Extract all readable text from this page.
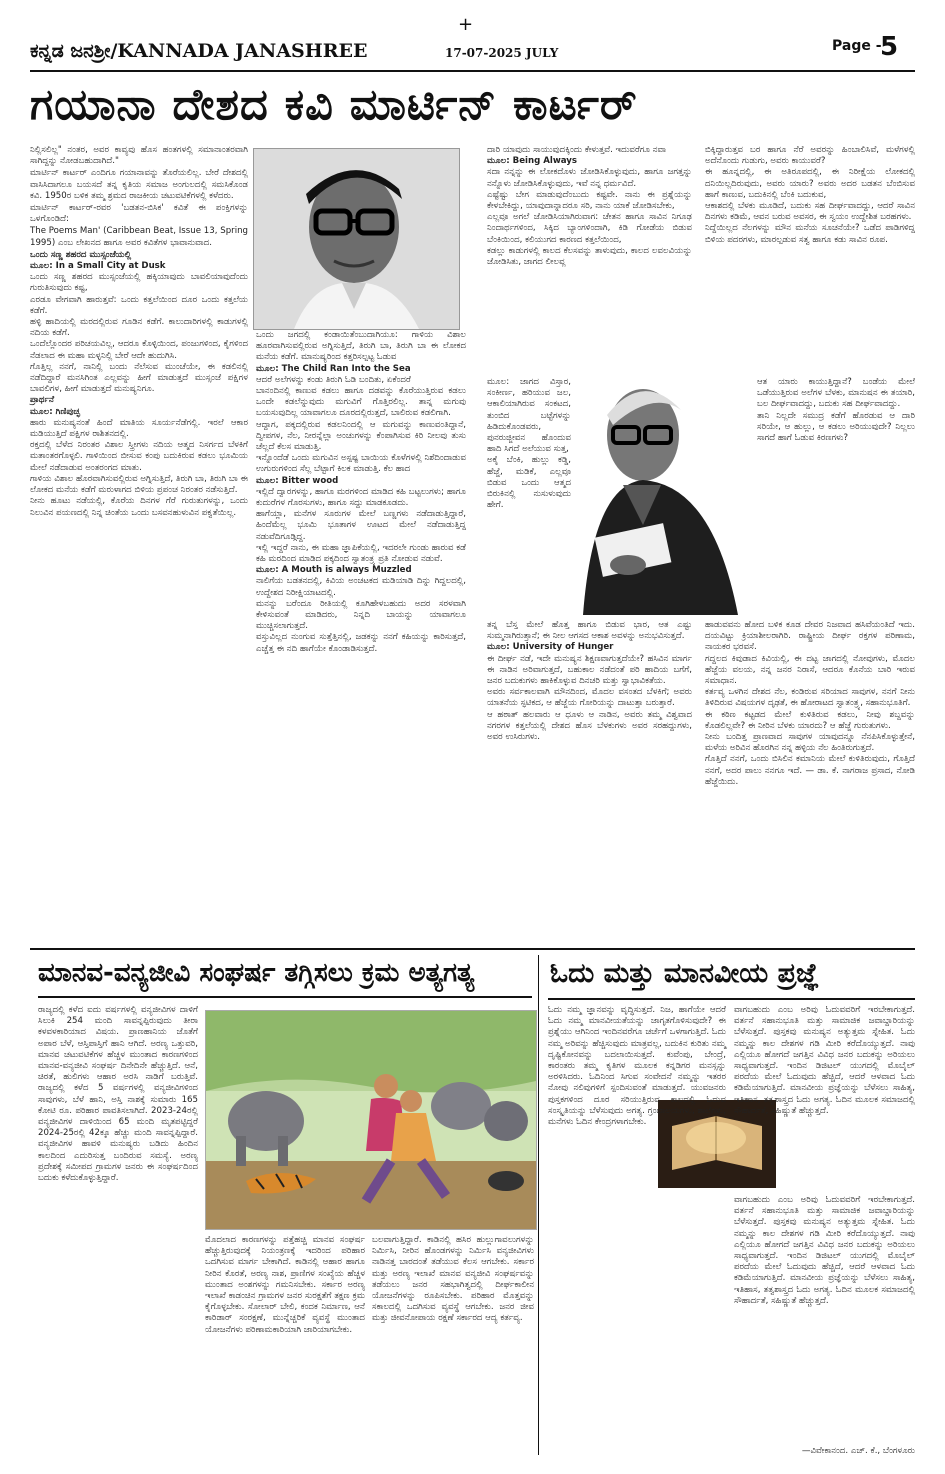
+
ಕನ್ನಡ ಜನಶ್ರೀ/KANNADA JANASHREE	17-07-2025 JULY	Page -
5
ಗಯಾನಾ ದೇಶದ ಕವಿ ಮಾರ್ಟಿನ್ ಕಾರ್ಟರ್

ನಿಲ್ಲಿಸಲಿಲ್ಲ" ನಂತರ, ಅವರ ಕಾವ್ಯವು ಹೊಸ ಹಂತಗಳಲ್ಲಿ ಸಮಾನಾಂತರವಾಗಿ ಸಾಗಿದ್ದನ್ನು ನೋಡಬಹುದಾಗಿದೆ."

ಮಾರ್ಟಿನ್ ಕಾರ್ಟರ್ ಎಂದಿಗೂ ಗಯಾನಾವನ್ನು ತೊರೆಯಲಿಲ್ಲ. ಬೇರೆ ದೇಶದಲ್ಲಿ ವಾಸಿಸಿದಾಗಲೂ ಬಯಸದೆ ತನ್ನ ಕೃತಿಯ ಸಮಾಜ ಅಂಗುಲದಲ್ಲಿ ಸಮಸಿಕೊಂಡ ಕವಿ. 1950ರ ಬಳಿಕ ತಮ್ಮ ಶ್ರಮದ ರಾಜಕೀಯ ಚಟುವಟಿಕೆಗಳಲ್ಲಿ ಕಳೆದರು.

ಮಾರ್ಟಿನ್ ಕಾರ್ಟರ್-ರವರ 'ಬಡತನ-ಬಿಸಿಕ' ಕವಿತೆ ಈ ಪಂಕ್ತಿಗಳನ್ನು ಒಳಗೊಂಡಿದೆ:

The Poems Man' (Caribbean Beat, Issue 13, Spring 1995) ಎಂಬ ಲೇಖನದ ಹಾಗೂ ಅವರ ಕವಿತೆಗಳ ಭಾವಾನುವಾದ.

ಒಂದು ಸಣ್ಣ ಶಹರದ ಮುಸ್ಸಂಜೆಯಲ್ಲಿ

ಮೂಲ: In a Small City at Dusk

ಒಂದು ಸಣ್ಣ ಶಹರದ ಮುಸ್ಸಂಜೆಯಲ್ಲಿ ಹಕ್ಕಿಯಾವುದು ಬಾವಲಿಯಾವುದೆಂದು ಗುರುತಿಸುವುದು ಕಷ್ಟ,

ಎರಡೂ ವೇಗವಾಗಿ ಹಾರುತ್ತವೆ: ಒಂದು ಕತ್ತಲೆಯಿಂದ ದೂರ ಒಂದು ಕತ್ತಲೆಯ ಕಡೆಗೆ.

ಹಳ್ಳಿ ಹಾದಿಯಲ್ಲಿ ಮರದಲ್ಲಿರುವ ಗೂಡಿನ ಕಡೆಗೆ. ಕಾಲುದಾರಿಗಳಲ್ಲಿ ಕಾಡುಗಳಲ್ಲಿ ನದಿಯ ಕಡೆಗೆ.

ಒಂದೆಲ್ಲೊಂದರ ಪರಿಚಯವಿಲ್ಲ, ಆದರೂ ಕೊಳ್ಳಿಯಿಂದ, ಪಂಜುಗಳಿಂದ, ಕೈಗಳಿಂದ ನೆಡಲಾದ ಈ ಮಹಾ ಮಳ್ಳನಿಲ್ಲಿ ಬೇರೆ ಆದೇ ಹುದುಗಿಸಿ.

ಗೊತ್ತಿಲ್ಲ ನನಗೆ, ನಾನಿಲ್ಲಿ ಬಂದು ನೆಲೆಸುವ ಮುಂಚೆಯೇ, ಈ ಕಡಲಿನಲ್ಲಿ ನಡೆದಿದ್ದಾರೆ ಮನಸಿಗಿಂತ ಎಲ್ಲವನ್ನು ಹೀಗೆ ಮಾಡುತ್ತದೆ ಮುಸ್ಸಂಜೆ ಪಕ್ಷಿಗಳ ಬಾವಲಿಗಳ, ಹೀಗೆ ಮಾಡುತ್ತದೆ ಮನುಷ್ಯನಿಗೂ.

ಪ್ರಾರ್ಥನೆ

ಮೂಲ: ಗಿಣಿಪುಚ್ಛ

ಹಾರು ಮನುಷ್ಯನಂತೆ ಹಿಂದೆ ಮಾತಿಯ ಸೂರ್ಯನೆಡೆಗಲ್ಲಿ. ಇರಲೆ ಆಕಾರ ಮಡಿಯುತ್ತಿದೆ ಪಕ್ಷಿಗಳ ರಾಶಿತನದಲ್ಲಿ.

ರಕ್ತದಲ್ಲಿ ಬೆಳೆದ ನಿರಂತರ ವಿಶಾಲ ಸ್ತ್ರೀಗಳು ನದಿಯ ಆತ್ಮದ ನಿಸರ್ಗದ ಬೆಳಕಿಗೆ ಮತಾಂತರಗೊಳ್ಳಲಿ. ಗಾಳಿಯಿಂದ ಬೀಸುವ ಕಂಪು ಬದುಕಿರುವ ಕಡಲು ಭೂಮಿಯ ಮೇಲೆ ನಡೆದಾಡುವ ಅಂತರಂಗದ ಮಾತು.

ಗಾಳಿಯ ವಿಶಾಲ ಹೊರವಾಗಿಸುವಲ್ಲಿರುವ ಅಗ್ನಿಸುತ್ತಿದೆ, ತಿರುಗಿ ಬಾ, ತಿರುಗಿ ಬಾ ಈ ಲೋಕದ ಮನೆಯ ಕಡೆಗೆ ಮರುಳಾಗದ ಬಿಳಿಯ ಪ್ರಪಂಚ ನಿರಂತರ ನಡೆಸುತ್ತಿದೆ.

ನೀನು ಹೂಟು ನಡೆಯಲ್ಲಿ, ಕೊರೆಯ ದಿನಗಳ ಗೆರೆ ಗುರುತುಗಳನ್ನು, ಒಂದು ನಿಲುವಿನ ಪಯಣದಲ್ಲಿ ನಿನ್ನ ಚಿಂತೆಯ ಒಂದು ಬಸವನಹುಳುವಿನ ಪಕ್ವತೆಯಿಲ್ಲ.

ಒಂದು ಜಗದಲ್ಲಿ ಕಂಡಾಯಿತೆಂಬುದಾಗಿಯೂ: ಗಾಳಿಯ ವಿಶಾಲ ಹೂರವಾಗಿಸುವಲ್ಲಿರುವ ಅಗ್ನಿಸುತ್ತಿದೆ, ತಿರುಗಿ ಬಾ, ತಿರುಗಿ ಬಾ ಈ ಲೋಕದ ಮನೆಯ ಕಡೆಗೆ. ಮಾನುಷ್ಯರಿಂದ ಕತ್ತರಿಸಲ್ಪಟ್ಟ ಓಡುವ

ಮೂಲ: The Child Ran Into the Sea

ಆದರೆ ಅಲೆಗಳನ್ನು ಕಂಡು ತಿರುಗಿ ಓಡಿ ಬಂದಿತು, ಏಕೆಂದರೆ

ಬಾನಂದಿನಲ್ಲಿ ಕಾಣುವ ಕಡಲು ಹಾಗೂ ದಡವನ್ನು ಕೊರೆಯುತ್ತಿರುವ ಕಡಲು ಒಂದೇ ಕಡಲೆನ್ನುವುದು ಮಗುವಿಗೆ ಗೊತ್ತಿರಲಿಲ್ಲ. ತಾನ್ನ ಮಗುವು ಬಯಸುವುದಿಲ್ಲ ಯಾವಾಗಲೂ ದೂರದಲ್ಲಿರುತ್ತದೆ, ಬಾಲಿರುವ ಕಡಲಿಗಾಗಿ.

ಆದ್ದಾಗ, ಪಕ್ಕದಲ್ಲಿರುವ ಕಡಲನಿಂದಲ್ಲಿ ಆ ಮಗುವನ್ನು ಕಾಣುವಂತಿದ್ದಾನೆ, ದ್ವೀಪಗಳ, ನೆಲ, ನೀರನ್ನೆಲ್ಲಾ ಅಂಚುಗಳನ್ನು ಕೆಂಪಾಗಿಸುವ ಕಿರಿ ನೀಲವು ತುಸು ಚೆಲ್ಲದೆ ಕೆಲಸ ಮಾಡುತ್ತಿ.

ಇನ್ನೊಂದೆಡೆ ಒಂದು ಮಗುವಿನ ಅಸ್ಪಷ್ಟ ಬಾಯಿಯ ಕೊಳೆಗಳಲ್ಲಿ ನಿಶೆದಿಂದಾಡುವ ಉಗುರುಗಳಿಂದ ಸೆಲ್ಲ ಬೆಟ್ಟಾಗೆ ಕಿಲಕ ಮಾಡುತ್ತಿ. ಕೆಲ ಹಾದ

ಮೂಲ: Bitter wood

ಇಲ್ಲಿದೆ ದ್ವಾರಗಳನ್ನು, ಹಾಗೂ ಮರಗಳಿಂದ ಮಾಡಿದ ಕಹಿ ಬಟ್ಟಲುಗಳು; ಹಾಗೂ ಕುದುರೆಗಳ ಗೊರಸುಗಳು, ಹಾಗೂ ಸದ್ದು ಮಾಡಕೂಡದು.

ಹಾಗೆಯ್ಲಾ, ಮನೆಗಳ ಸೂರುಗಳ ಮೇಲೆ ಬಣ್ಣಗಳು ನಡೆದಾಡುತ್ತಿದ್ದಾರೆ, ಹಿಂದೆಮೆಲ್ಲ ಭೂಮಿ ಭೂತಾಗಳ ಊಟದ ಮೇಲೆ ನಡೆದಾಡುತ್ತಿದ್ದ ನಡುವೆದಿಗೂಡ್ಗಿದ್ದ.

ಇಲ್ಲಿ ಇದ್ದರೆ ನಾನು, ಈ ಮಹಾ ಜ್ಞಾಪಿಕೆಯಲ್ಲಿ, ಇದರಲೇ ಗುಂಡು ಹಾರುವ ಕಡೆ ಕಹಿ ಮರದಿಂದ ಮಾಡಿದ ಪಕ್ಕದಿಂದ ಸ್ವಾತಂತ್ರ್ಯ ಪ್ರತಿ ನೋಡುವ ನಡುವೆ.

ಮೂಲ: A Mouth is always Muzzled

ನಾಲಿಗೆಯ ಬಡತನದಲ್ಲಿ, ಕಿವಿಯ ಅಂಚಟಕದ ಮಡಿಯಾಡಿ ದಿನ್ನು ಗಿದ್ದಲದಲ್ಲಿ, ಉದ್ದೇಶದ ನಿರೀಕ್ಷಿಯಾಟದಲ್ಲಿ.

ಮನನ್ನು ಬರೆಂದೂ ರೀತಿಯಲ್ಲಿ ಕೂಗಿಹೇಳಬಹುದು ಅದರ ಸರಳವಾಗಿ ಕೇಳಿಸುವಂತೆ ಮಾಡಿದರು, ನಿನ್ನದಿ ಬಾಯನ್ನು ಯಾವಾಗಲೂ ಮುಚ್ಚಿಸಲಾಗುತ್ತದೆ.

ವಸ್ತುವಿಲ್ಲದ ನುಂಗುವ ಸುತ್ತೆತ್ತಿನಲ್ಲಿ, ಜಡಕನ್ನು ನನಗೆ ಕಹಿಯನ್ನು ಕಾರಿಸುತ್ತದೆ, ಎಚ್ಚೆತ್ತ ಈ ನದಿ ಹಾಗೆಯೇ ಕೊಂಡಾಡಿಸುತ್ತದೆ.

ದಾರಿ ಯಾವುದು ಸಾಯುವುದಕ್ಕಿಂದು ಕೇಳುತ್ತವೆ. ಇದುವರೆಗೂ ನವಾ

ಮೂಲ: Being Always

ಸದಾ ನನ್ನನ್ನು ಈ ಲೋಕದೊಳು ಜೋಡಿಸಿಕೊಳ್ಳುವುದು, ಹಾಗೂ ಜಗತ್ತನ್ನು ನನ್ನೊಳು ಜೋಡಿಸಿಕೊಳ್ಳುವುದು, ಇವೆ ನನ್ನ ಧರ್ಮವಿದೆ.

ಎಷ್ಟೆಷ್ಟು ಬೇಗ ಮಾಡುವುದೆಂಬುದು ಕಷ್ಟವೇ. ನಾನು ಈ ಪ್ರಶ್ನೆಯನ್ನು ಕೇಳಬೇಕಿದ್ದು, ಯಾವುದಾನ್ನಾದರೂ ಸರಿ, ನಾನು ಯಾಕೆ ಜೋಡಿಸಬೇಕು,

ಎಲ್ಲವೂ ಅಗಲೆ ಜೋಡಿಸಿಯಾಗಿರುವಾಗ: ಚೇತನ ಹಾಗೂ ಸಾವಿನ ನಿಗೂಢ ನಿಂದಾರ್ಥಗಳಿಂದ, ಸಿಕ್ಕಿದ ಬ್ಯಾಂಗಳಿಂದಾಗಿ, ಕಿಡಿ ಗೋಡೆಯ ಬಿಡುವ ಬೆಂಕಿಯಿಂದ, ಕಲಿಯುಗದ ಕಾರಣದ ಕತ್ತಲೆಯಿಂದ,

ಕಡಲ್ಲು ಕಾಡುಗಳಲ್ಲಿ ಕಾಲದ ಕೆಲಸವನ್ನು ತಾಳುವುದು, ಕಾಲದ ಲವಲವಿಯನ್ನು ಜೋಡಿಸಿತು, ಜಾಗದ ಲೀಲವ್ಲ

ಮೂಲ: ಜಾಗದ ವಿಸ್ತಾರ, ಸಂಕೀರ್ಣ, ಹರಿಯುವ ಜಲ, ಆಕಾಲಿಯಾಗಿರುವ ಸಂಕಟದ, ತುಂಬಿದ ಬಟ್ಟೆಗಳನ್ನು ಹಿಡಿದುಕೊಂಡವರು, ಪುನರುಜ್ಜೀವನ ಹೊಂದುವ ಹಾದಿ ಸಿಗದೆ ಅಲೆಯುವ ಸುತ್ತ,

ಅಕೈ ಬೆಂಕಿ, ಹುಲ್ಲು ಕಡ್ಡಿ, ಹೆಜ್ಜೆ, ಮಡಿಕೆ, ಎಲ್ಲವೂ ಬಿಡುವ ಒಂದು ಆತ್ಮದ ಬಿರುಕಿನಲ್ಲಿ ನುಸುಳುವುದು ಹೇಗೆ.

ತನ್ನ ಬೆಸ್ತ ಮೇಲೆ ಹೊತ್ತ ಹಾಗೂ ಬಿಡುವ ಭಾರ, ಆತ ಎಷ್ಟು ಸುಮ್ಮನಾಗಿರುತ್ತಾನೆ; ಈ ನೀಲ ಆಗಸದ ಆಕಾಶ ಅವಳನ್ನು ಅನುಭವಿಸುತ್ತದೆ.

ಮೂಲ: University of Hunger

ಈ ದೀರ್ಘ ನಡೆ, ಇದೇ ಮನುಷ್ಯನ ಶಿಕ್ಷಣವಾಗುತ್ತದೆಯೇ? ಹಸಿವಿನ ಮಾರ್ಗ ಈ ನಾಡಿನ ಅರಿವಾಗುತ್ತದೆ, ಬಹುಕಾಲ ನಡೆದಂತೆ ಪರಿ ಹಾದಿಯ ಬಗೆಗೆ, ಜನರ ಬದುಕುಗಳು ಹಾಕಿಕೊಳ್ಳುವ ದಿನಚರಿ ಮತ್ತು ಸ್ವಾಭಾವಿಕತೆಯ.

ಅವರು ಸರ್ವಕಾಲವಾಗಿ ಮೌನದಿಂದ, ಮೊದಲ ವಸಂತದ ಬೆಳಕಿಗೆ; ಅವರು ಯಾತನೆಯ ಸ್ಫಟಿಕದ, ಆ ಹೆಜ್ಜೆಯ ಗೋರಿಯನ್ನು ದಾಟುತ್ತಾ ಬರುತ್ತಾರೆ.

ಆ ಹಠಾತ್ ಹಲವಾರು ಆ ಧೂಳು ಆ ನಾಡಿನ, ಅವರು ತಮ್ಮ ವಿಶ್ವವಾದ ನಗರಗಳ ಕತ್ತಲೆಯಲ್ಲಿ ದೇಶದ ಹೊಸ ಬೆಳಕುಗಳು ಅವರ ಸರಹದ್ದುಗಳು, ಅವರ ಉಸಿರುಗಳು.

ಬಿಕ್ಕಿದ್ದಾರುತ್ತವ ಬರ ಹಾಗೂ ನೆರೆ ಅವರನ್ನು ಹಿಂಬಾಲಿಸಿವೆ, ಮಳೆಗಳಲ್ಲಿ ಅದೆನೊಂದು ಗುಡುಗು, ಅವರು ಕಾಯುವರೆ?

ಈ ಹೂನ್ನದಲ್ಲಿ, ಈ ಅತಿರೂಪದಲ್ಲಿ, ಈ ನಿರೀಕ್ಷೆಯ ಲೋಕದಲ್ಲಿ ದನಿಯಿಲ್ಲದಿರುವುದು, ಅವರು ಯಾರು? ಅವರು ಅದರ ಬಡತನ ಬೆಂಬಿಸುವ ಹಾಗೆ ಕಾಣುವ, ಬದುಕಿನಲ್ಲಿ ಬೆಂಕಿ ಬದುಕುವ,

ಆಕಾಶದಲ್ಲಿ ಬೆಳಕು ಮೂಡಿದೆ, ಬದುಕು ಸಹ ದೀರ್ಘವಾದದ್ದು, ಆದರೆ ಸಾವಿನ ದಿನಗಳು ಕಡಿಮೆ, ಆವನ ಬರುವ ಅವಸರ, ಈ ಸ್ವಯಂ ಉದ್ದೇಶಿತ ಬರಹಗಳು.

ನಿದ್ದೆಯಿಲ್ಲದ ನೆಲಗಳನ್ನು ಮೌನ ಮನೆಯ ಸೂಚನೆಯೇ? ಒಡೆದ ಪಾಡಿಗಳಿದ್ದ ಬಿಳಿಯ ಪದರಗಳು, ಮಾರಲ್ಪಡುವ ಸತ್ವ ಹಾಗೂ ಕಡು ಸಾವಿನ ರೂಪ.

ಆತ ಯಾರು ಕಾಯುತ್ತಿದ್ದಾನೆ? ಬಂಡೆಯ ಮೇಲೆ ಒಡೆಯುತ್ತಿರುವ ಅಲೆಗಳ ಬೆಳಕು, ಮಾನುಷನ ಈ ತಯಾರಿ, ಬಲ ದೀರ್ಘವಾದದ್ದು, ಬದುಕು ಸಹ ದೀರ್ಘವಾದದ್ದು.

ತಾನಿ ನಿಲ್ಲದೇ ಸಮುದ್ರ ಕಡೆಗೆ ಹೊರಡುವ ಆ ದಾರಿ ಸರಿಯೇ, ಆ ಹುಲ್ಲು, ಆ ಕಡಲು ಅರಿಯುವುದೇ? ನಿಲ್ಲಲು ಸಾಗದೆ ಹಾಗೆ ಓಡುವ ಕಿರಣಗಳು?

ಹಾಡುವವನು ಹೋದ ಬಳಿಕ ಕೂಡ ದೇವರ ನಿಜವಾದ ಹಸಿವೆಯಂತಿದೆ ಇದು. ದಯವಿಟ್ಟು ಕ್ರಿಯಾಶೀಲರಾಗಿರಿ. ರಾಷ್ಟ್ರೀಯ ದೀರ್ಘ ರಕ್ತಗಳ ಪರಿಣಾಮ, ನಾಯಕರ ಭರವಸೆ.

ಗದ್ದಲದ ಕಿವುಡಾದ ಕಿವಿಯಲ್ಲಿ, ಈ ದಟ್ಟ ಜಾಗದಲ್ಲಿ ನೋವುಗಳು, ಮೊದಲ ಹೆಜ್ಜೆಯ ವಲಯ, ನನ್ನ ಜನರ ನಿರಾಸೆ, ಆದರೂ ಕೊನೆಯ ಬಾರಿ ಇರುವ ಸಮಾಧಾನ.

ಕರ್ತವ್ಯ ಒಳಗಿನ ದೇಶದ ನೆಲ, ಕಂಡಿರುವ ಸರಿಯಾದ ಸಾವುಗಳ, ನನಗೆ ನೀನು ತಿಳಿದಿರುವ ವಿಷಯಗಳ ದೃಢತೆ, ಈ ಹೋರಾಟದ ಸ್ವಾತಂತ್ರ್ಯ, ಸಹಾನುಭೂತಿಗೆ.

ಈ ಕಠಿಣ ಕಟ್ಟಡದ ಮೇಲೆ ಕುಳಿತಿರುವ ಕಡಲು, ನೀವು ಶಬ್ದವನ್ನು ಕೊಡಲಿಲ್ಲವೇ? ಈ ನೀರಿನ ಬೆಳಕು ಯಾರದು? ಆ ಹೆಜ್ಜೆ ಗುರುತುಗಳು.

ನೀನು ಬಂದಿತ್ತ ಪ್ರಾಣವಾದ ಸಾವುಗಳ ಯಾವುದನ್ನೂ ನೆನಪಿಸಿಕೊಳ್ಳುತ್ತೇನೆ, ಮಳೆಯ ಅರಿವಿನ ಹೊರಗಿನ ನನ್ನ ಹಳ್ಳಿಯ ನೆಲ ಹಿಂತಿರುಗುತ್ತದೆ.

ಗೊತ್ತಿದೆ ನನಗೆ, ಒಂದು ಬಿಸಿಲಿನ ಕಮಾನಿಯ ಮೇಲೆ ಕುಳಿತಿರುವುದು, ಗೊತ್ತಿದೆ ನನಗೆ, ಅದರ ಪಾಲು ನನಗೂ ಇದೆ. — ಡಾ. ಕೆ. ನಾಗರಾಜ ಪ್ರಸಾದ, ನೋಡಿ ಹೆಜ್ಜೆಯಿದು.

ಮಾನವ-ವನ್ಯಜೀವಿ ಸಂಘರ್ಷ ತಗ್ಗಿಸಲು ಕ್ರಮ ಅತ್ಯಗತ್ಯ
ರಾಜ್ಯದಲ್ಲಿ ಕಳೆದ ಐದು ವರ್ಷಗಳಲ್ಲಿ ವನ್ಯಜೀವಿಗಳ ದಾಳಿಗೆ ಸಿಲುಕಿ 254 ಮಂದಿ ಸಾವನ್ನಪ್ಪಿರುವುದು ತೀರಾ ಕಳವಳಕಾರಿಯಾದ ವಿಷಯ. ಪ್ರಾಣಹಾನಿಯ ಜೊತೆಗೆ ಅಪಾರ ಬೆಳೆ, ಆಸ್ತಿಪಾಸ್ತಿಗೆ ಹಾನಿ ಆಗಿದೆ. ಅರಣ್ಯ ಒತ್ತುವರಿ, ಮಾನವ ಚಟುವಟಿಕೆಗಳ ಹೆಚ್ಚಳ ಮುಂತಾದ ಕಾರಣಗಳಿಂದ ಮಾನವ-ವನ್ಯಜೀವಿ ಸಂಘರ್ಷ ದಿನೇದಿನೇ ಹೆಚ್ಚುತ್ತಿದೆ. ಆನೆ, ಚಿರತೆ, ಹುಲಿಗಳು ಆಹಾರ ಅರಸಿ ನಾಡಿಗೆ ಬರುತ್ತಿವೆ. ರಾಜ್ಯದಲ್ಲಿ ಕಳೆದ 5 ವರ್ಷಗಳಲ್ಲಿ ವನ್ಯಜೀವಿಗಳಿಂದ ಸಾವುಗಳು, ಬೆಳೆ ಹಾನಿ, ಅಸ್ತಿ ನಾಶಕ್ಕೆ ಸುಮಾರು 165 ಕೋಟಿ ರೂ. ಪರಿಹಾರ ಪಾವತಿಸಲಾಗಿದೆ. 2023-24ರಲ್ಲಿ ವನ್ಯಜೀವಿಗಳ ದಾಳಿಯಿಂದ 65 ಮಂದಿ ಮೃತಪಟ್ಟಿದ್ದರೆ 2024-25ರಲ್ಲಿ 42ಕ್ಕೂ ಹೆಚ್ಚು ಮಂದಿ ಸಾವನ್ನಪ್ಪಿದ್ದಾರೆ. ವನ್ಯಜೀವಿಗಳ ಹಾವಳಿ ಮನುಷ್ಯರು ಬಡಿದು ಹಿಂದಿನ ಕಾಲದಿಂದ ಎದುರಿಸುತ್ತ ಬಂದಿರುವ ಸಮಸ್ಯೆ. ಅರಣ್ಯ ಪ್ರದೇಶಕ್ಕೆ ಸಮೀಪದ ಗ್ರಾಮಗಳ ಜನರು ಈ ಸಂಘರ್ಷದಿಂದ ಬದುಕು ಕಳೆದುಕೊಳ್ಳುತ್ತಿದ್ದಾರೆ.
ಮೊದಲಾದ ಕಾರಣಗಳನ್ನು ಪತ್ತೆಹಚ್ಚಿ ಮಾನವ ಸಂಘರ್ಷ ಹೆಚ್ಚುತ್ತಿರುವುದಕ್ಕೆ ನಿಯಂತ್ರಣಕ್ಕೆ ಇದರಿಂದ ಪರಿಹಾರ ಒದಗಿಸುವ ಮಾರ್ಗ ಬೇಕಾಗಿದೆ. ಕಾಡಿನಲ್ಲಿ ಆಹಾರ ಹಾಗೂ ನೀರಿನ ಕೊರತೆ, ಅರಣ್ಯ ನಾಶ, ಪ್ರಾಣಿಗಳ ಸಂಖ್ಯೆಯ ಹೆಚ್ಚಳ ಮುಂತಾದ ಅಂಶಗಳನ್ನು ಗಮನಿಸಬೇಕು. ಸರ್ಕಾರ ಅರಣ್ಯ ಇಲಾಖೆ ಕಾಡಂಚಿನ ಗ್ರಾಮಗಳ ಜನರ ಸುರಕ್ಷತೆಗೆ ತಕ್ಷಣ ಕ್ರಮ ಕೈಗೊಳ್ಳಬೇಕು. ಸೋಲಾರ್ ಬೇಲಿ, ಕಂದಕ ನಿರ್ಮಾಣ, ಆನೆ ಕಾರಿಡಾರ್ ಸಂರಕ್ಷಣೆ, ಮುನ್ನೆಚ್ಚರಿಕೆ ವ್ಯವಸ್ಥೆ ಮುಂತಾದ ಯೋಜನೆಗಳು ಪರಿಣಾಮಕಾರಿಯಾಗಿ ಜಾರಿಯಾಗಬೇಕು.
ಬಲವಾಗುತ್ತಿದ್ದಾರೆ. ಕಾಡಿನಲ್ಲಿ ಹಸಿರ ಹುಲ್ಲುಗಾವಲುಗಳನ್ನು ನಿರ್ಮಿಸಿ, ನೀರಿನ ಹೊಂಡಗಳನ್ನು ನಿರ್ಮಿಸಿ ವನ್ಯಜೀವಿಗಳು ನಾಡಿನತ್ತ ಬಾರದಂತೆ ತಡೆಯುವ ಕೆಲಸ ಆಗಬೇಕು. ಸರ್ಕಾರ ಮತ್ತು ಅರಣ್ಯ ಇಲಾಖೆ ಮಾನವ ವನ್ಯಜೀವಿ ಸಂಘರ್ಷವನ್ನು ತಡೆಯಲು ಜನರ ಸಹಭಾಗಿತ್ವದಲ್ಲಿ ದೀರ್ಘಕಾಲೀನ ಯೋಜನೆಗಳನ್ನು ರೂಪಿಸಬೇಕು. ಪರಿಹಾರ ಮೊತ್ತವನ್ನು ಸಕಾಲದಲ್ಲಿ ಒದಗಿಸುವ ವ್ಯವಸ್ಥೆ ಆಗಬೇಕು. ಜನರ ಜೀವ ಮತ್ತು ಜೀವನೋಪಾಯ ರಕ್ಷಣೆ ಸರ್ಕಾರದ ಆದ್ಯ ಕರ್ತವ್ಯ.
ಓದು ಮತ್ತು ಮಾನವೀಯ ಪ್ರಜ್ಞೆ
ಓದು ನಮ್ಮ ಜ್ಞಾನವನ್ನು ವೃದ್ಧಿಸುತ್ತದೆ. ನಿಜ, ಹಾಗೆಯೇ ಆದರೆ ಓದು ನಮ್ಮ ಮಾನವೀಯತೆಯನ್ನು ಜಾಗೃತಗೊಳಿಸುವುದೇ? ಈ ಪ್ರಶ್ನೆಯು ಆಗಿನಿಂದ ಇಂದಿನವರೆಗೂ ಚರ್ಚೆಗೆ ಒಳಗಾಗುತ್ತಿದೆ. ಓದು ನಮ್ಮ ಅರಿವನ್ನು ಹೆಚ್ಚಿಸುವುದು ಮಾತ್ರವಲ್ಲ, ಬದುಕಿನ ಕುರಿತು ನಮ್ಮ ದೃಷ್ಟಿಕೋನವನ್ನು ಬದಲಾಯಿಸುತ್ತದೆ. ಕುವೆಂಪು, ಬೇಂದ್ರೆ, ಕಾರಂತರು ತಮ್ಮ ಕೃತಿಗಳ ಮೂಲಕ ಕನ್ನಡಿಗರ ಮನಸ್ಸನ್ನು ಅರಳಿಸಿದರು. ಓದಿನಿಂದ ಸಿಗುವ ಸಂವೇದನೆ ನಮ್ಮನ್ನು ಇತರರ ನೋವು ನಲಿವುಗಳಿಗೆ ಸ್ಪಂದಿಸುವಂತೆ ಮಾಡುತ್ತದೆ. ಯುವಜನರು ಪುಸ್ತಕಗಳಿಂದ ದೂರ ಸರಿಯುತ್ತಿರುವ ಕಾಲದಲ್ಲಿ ಓದುವ ಸಂಸ್ಕೃತಿಯನ್ನು ಬೆಳೆಸುವುದು ಅಗತ್ಯ. ಗ್ರಂಥಾಲಯಗಳು, ಶಾಲೆಗಳು, ಮನೆಗಳು ಓದಿನ ಕೇಂದ್ರಗಳಾಗಬೇಕು.
ವಾಗಬಹುದು ಎಂಬ ಅರಿವು ಓದುವವರಿಗೆ ಇರಬೇಕಾಗುತ್ತದೆ. ವರ್ತನೆ ಸಹಾನುಭೂತಿ ಮತ್ತು ಸಾಮಾಜಿಕ ಜವಾಬ್ದಾರಿಯನ್ನು ಬೆಳೆಸುತ್ತದೆ. ಪುಸ್ತಕವು ಮನುಷ್ಯನ ಅತ್ಯುತ್ತಮ ಸ್ನೇಹಿತ. ಓದು ನಮ್ಮನ್ನು ಕಾಲ ದೇಶಗಳ ಗಡಿ ಮೀರಿ ಕರೆದೊಯ್ಯುತ್ತದೆ. ನಾವು ಎಲ್ಲಿಯೂ ಹೋಗದೆ ಜಗತ್ತಿನ ವಿವಿಧ ಜನರ ಬದುಕನ್ನು ಅರಿಯಲು ಸಾಧ್ಯವಾಗುತ್ತದೆ. ಇಂದಿನ ಡಿಜಿಟಲ್ ಯುಗದಲ್ಲಿ ಮೊಬೈಲ್ ಪರದೆಯ ಮೇಲೆ ಓದುವುದು ಹೆಚ್ಚಿದೆ, ಆದರೆ ಆಳವಾದ ಓದು ಕಡಿಮೆಯಾಗುತ್ತಿದೆ. ಮಾನವೀಯ ಪ್ರಜ್ಞೆಯನ್ನು ಬೆಳೆಸಲು ಸಾಹಿತ್ಯ, ಇತಿಹಾಸ, ತತ್ವಶಾಸ್ತ್ರದ ಓದು ಅಗತ್ಯ. ಓದಿನ ಮೂಲಕ ಸಮಾಜದಲ್ಲಿ ಸೌಹಾರ್ದತೆ, ಸಹಿಷ್ಣುತೆ ಹೆಚ್ಚುತ್ತದೆ.
ವಾಗಬಹುದು ಎಂಬ ಅರಿವು ಓದುವವರಿಗೆ ಇರಬೇಕಾಗುತ್ತದೆ. ವರ್ತನೆ ಸಹಾನುಭೂತಿ ಮತ್ತು ಸಾಮಾಜಿಕ ಜವಾಬ್ದಾರಿಯನ್ನು ಬೆಳೆಸುತ್ತದೆ. ಪುಸ್ತಕವು ಮನುಷ್ಯನ ಅತ್ಯುತ್ತಮ ಸ್ನೇಹಿತ. ಓದು ನಮ್ಮನ್ನು ಕಾಲ ದೇಶಗಳ ಗಡಿ ಮೀರಿ ಕರೆದೊಯ್ಯುತ್ತದೆ. ನಾವು ಎಲ್ಲಿಯೂ ಹೋಗದೆ ಜಗತ್ತಿನ ವಿವಿಧ ಜನರ ಬದುಕನ್ನು ಅರಿಯಲು ಸಾಧ್ಯವಾಗುತ್ತದೆ. ಇಂದಿನ ಡಿಜಿಟಲ್ ಯುಗದಲ್ಲಿ ಮೊಬೈಲ್ ಪರದೆಯ ಮೇಲೆ ಓದುವುದು ಹೆಚ್ಚಿದೆ, ಆದರೆ ಆಳವಾದ ಓದು ಕಡಿಮೆಯಾಗುತ್ತಿದೆ. ಮಾನವೀಯ ಪ್ರಜ್ಞೆಯನ್ನು ಬೆಳೆಸಲು ಸಾಹಿತ್ಯ, ಇತಿಹಾಸ, ತತ್ವಶಾಸ್ತ್ರದ ಓದು ಅಗತ್ಯ. ಓದಿನ ಮೂಲಕ ಸಮಾಜದಲ್ಲಿ ಸೌಹಾರ್ದತೆ, ಸಹಿಷ್ಣುತೆ ಹೆಚ್ಚುತ್ತದೆ.
—ವಿವೇಕಾನಂದ. ಎಚ್. ಕೆ., ಬೆಂಗಳೂರು
